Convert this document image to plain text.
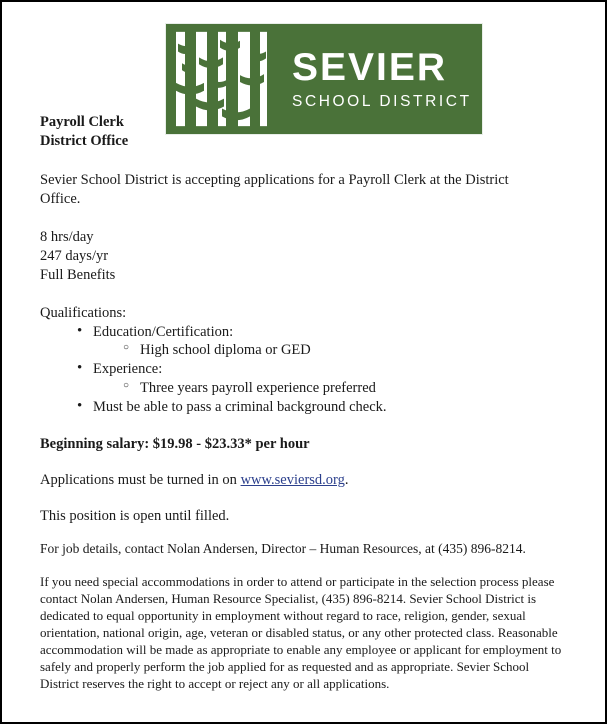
SEVIER
SCHOOL DISTRICT
Payroll Clerk
District Office

Sevier School District is accepting applications for a Payroll Clerk at the District Office.

8 hrs/day

247 days/yr

Full Benefits

Qualifications:

• Education/Certification:
○ High school diploma or GED
• Experience:
○ Three years payroll experience preferred
• Must be able to pass a criminal background check.

Beginning salary: $19.98 - $23.33* per hour

Applications must be turned in on www.seviersd.org.

This position is open until filled.

For job details, contact Nolan Andersen, Director – Human Resources, at (435) 896-8214.

If you need special accommodations in order to attend or participate in the selection process please contact Nolan Andersen, Human Resource Specialist, (435) 896-8214. Sevier School District is dedicated to equal opportunity in employment without regard to race, religion, gender, sexual orientation, national origin, age, veteran or disabled status, or any other protected class. Reasonable accommodation will be made as appropriate to enable any employee or applicant for employment to safely and properly perform the job applied for as requested and as appropriate. Sevier School District reserves the right to accept or reject any or all applications.
